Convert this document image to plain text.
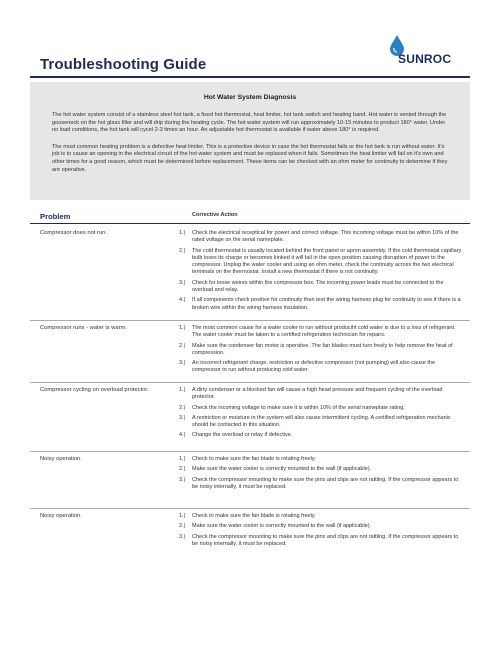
Troubleshooting Guide	SUNROC
Hot Water System Diagnosis

The hot water system consist of a stainless steel hot tank, a fixed hot thermostat, heat limiter, hot tank switch and heating band. Hot water is vented through the gooseneck on the hot glass filler and will drip during the heating cycle. The hot water system will run approximately 10-15 minutes to product 180° water. Under no load conditions, the hot tank will cycel 2-3 times an hour. An adjustable hot thermostat is available if water above 180° is required.

The most common heating problem is a defective heat limiter. This is a protective device in case the hot thermostat fails or the hot tank is run without water. It's job is to cause an opening in the electrical circuit of the hot water system and must be replaced when it fails. Sometimes the heat limiter will fail on it's own and other times for a good reason, which must be determined before replacement. These items can be checked with an ohm meter for continuity to determine if they are operative.

Problem	Corrective Action
Compressor does not run.	1.) Check the electrical receptical for power and correct voltage. This incoming voltage must be within 10% of the rated voltage on the serial nameplate.
2.) The cold thermostat is usually located behind the front panel or apron assembly. If the cold thermostat capillary bulb loses its charge or becomes kinked it will fail in the open position causing disruption of power to the compressor. Unplug the water cooler and using an ohm meter, check the continuity across the two electrical terminals on the thermostat. Install a new thermostat if there is not continuity.
3.) Check for loose weires within the compressor box. The incoming power leads must be connected to the overload and relay.
4.) If all components check positive for continuity then test the wiring harness plug for continuity to see if there is a broken wire within the wiring harness insulation.
Compressor runs - water is warm.	1.) The most common cause for a water cooler to run without produciht cold water is due to a loss of refrigerant. The water cooler must be taken to a certified refrigeration technician for repairs.
2.) Make sure the condenser fan motor is operative. The fan blades must turn freely to help remove the heat of compression.
3.) An incorrect refrigerant charge, restriction or defective compressor (not pumping) will also cause the compressor to run without producing cold water.
Compressor cycling on overload protector.	1.) A dirty condenser or a blocked fan will cause a high head pressure and frequent cycling of the overload protector.
2.) Check the incoming voltage to make sure it is within 10% of the serial nameplate rating.
3.) A restriction or moisture in the system will also cause intermittent cycling. A certified refrigeration mechanic should be contacted in this situation.
4.) Change the overload or relay if defective.
Noisy operation.	1.) Check to make sure the fan blade is rotating freely.
2.) Make sure the water cooler is correctly mounted to the wall (if applicable).
3.) Check the compressor mounting to make sure the pins and clips are not rattling. If the compressor appears to be noisy internally, it must be replaced.
Noisy operation.	1.) Check to make sure the fan blade is rotating freely.
2.) Make sure the water cooler is correctly mounted to the wall (if applicable).
3.) Check the compressor mounting to make sure the pins and clips are not rattling. If the compressor appears to be noisy internally, it must be replaced.
